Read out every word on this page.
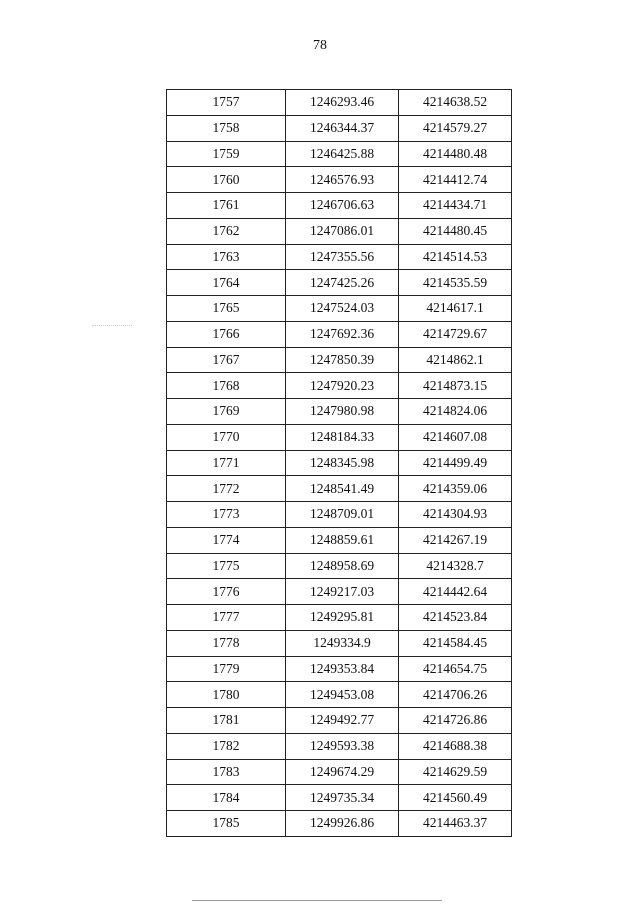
78
1757	1246293.46	4214638.52
1758	1246344.37	4214579.27
1759	1246425.88	4214480.48
1760	1246576.93	4214412.74
1761	1246706.63	4214434.71
1762	1247086.01	4214480.45
1763	1247355.56	4214514.53
1764	1247425.26	4214535.59
1765	1247524.03	4214617.1
1766	1247692.36	4214729.67
1767	1247850.39	4214862.1
1768	1247920.23	4214873.15
1769	1247980.98	4214824.06
1770	1248184.33	4214607.08
1771	1248345.98	4214499.49
1772	1248541.49	4214359.06
1773	1248709.01	4214304.93
1774	1248859.61	4214267.19
1775	1248958.69	4214328.7
1776	1249217.03	4214442.64
1777	1249295.81	4214523.84
1778	1249334.9	4214584.45
1779	1249353.84	4214654.75
1780	1249453.08	4214706.26
1781	1249492.77	4214726.86
1782	1249593.38	4214688.38
1783	1249674.29	4214629.59
1784	1249735.34	4214560.49
1785	1249926.86	4214463.37
